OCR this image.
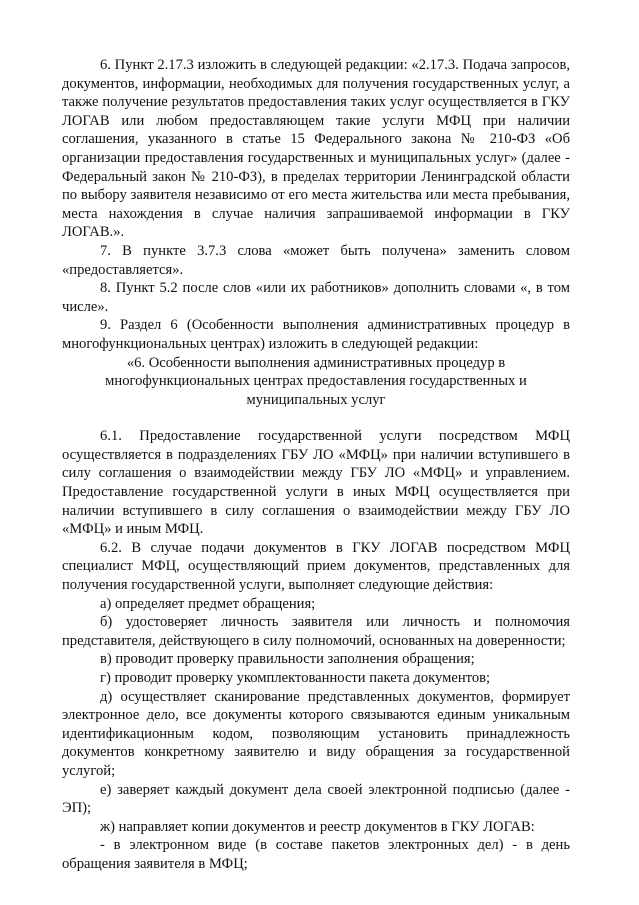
6. Пункт 2.17.3 изложить в следующей редакции: «2.17.3. Подача запросов, документов, информации, необходимых для получения государственных услуг, а также получение результатов предоставления таких услуг осуществляется в ГКУ ЛОГАВ или любом предоставляющем такие услуги МФЦ при наличии соглашения, указанного в статье 15 Федерального закона № 210-ФЗ «Об организации предоставления государственных и муниципальных услуг» (далее - Федеральный закон № 210-ФЗ), в пределах территории Ленинградской области по выбору заявителя независимо от его места жительства или места пребывания, места нахождения в случае наличия запрашиваемой информации в ГКУ ЛОГАВ.».

7. В пункте 3.7.3 слова «может быть получена» заменить словом «предоставляется».

8. Пункт 5.2 после слов «или их работников» дополнить словами «, в том числе».

9. Раздел 6 (Особенности выполнения административных процедур в многофункциональных центрах) изложить в следующей редакции:

«6. Особенности выполнения административных процедур в многофункциональных центрах предоставления государственных и муниципальных услуг

6.1. Предоставление государственной услуги посредством МФЦ осуществляется в подразделениях ГБУ ЛО «МФЦ» при наличии вступившего в силу соглашения о взаимодействии между ГБУ ЛО «МФЦ» и управлением. Предоставление государственной услуги в иных МФЦ осуществляется при наличии вступившего в силу соглашения о взаимодействии между ГБУ ЛО «МФЦ» и иным МФЦ.

6.2. В случае подачи документов в ГКУ ЛОГАВ посредством МФЦ специалист МФЦ, осуществляющий прием документов, представленных для получения государственной услуги, выполняет следующие действия:

а) определяет предмет обращения;

б) удостоверяет личность заявителя или личность и полномочия представителя, действующего в силу полномочий, основанных на доверенности;

в) проводит проверку правильности заполнения обращения;

г) проводит проверку укомплектованности пакета документов;

д) осуществляет сканирование представленных документов, формирует электронное дело, все документы которого связываются единым уникальным идентификационным кодом, позволяющим установить принадлежность документов конкретному заявителю и виду обращения за государственной услугой;

е) заверяет каждый документ дела своей электронной подписью (далее - ЭП);

ж) направляет копии документов и реестр документов в ГКУ ЛОГАВ:

- в электронном виде (в составе пакетов электронных дел) - в день обращения заявителя в МФЦ;
